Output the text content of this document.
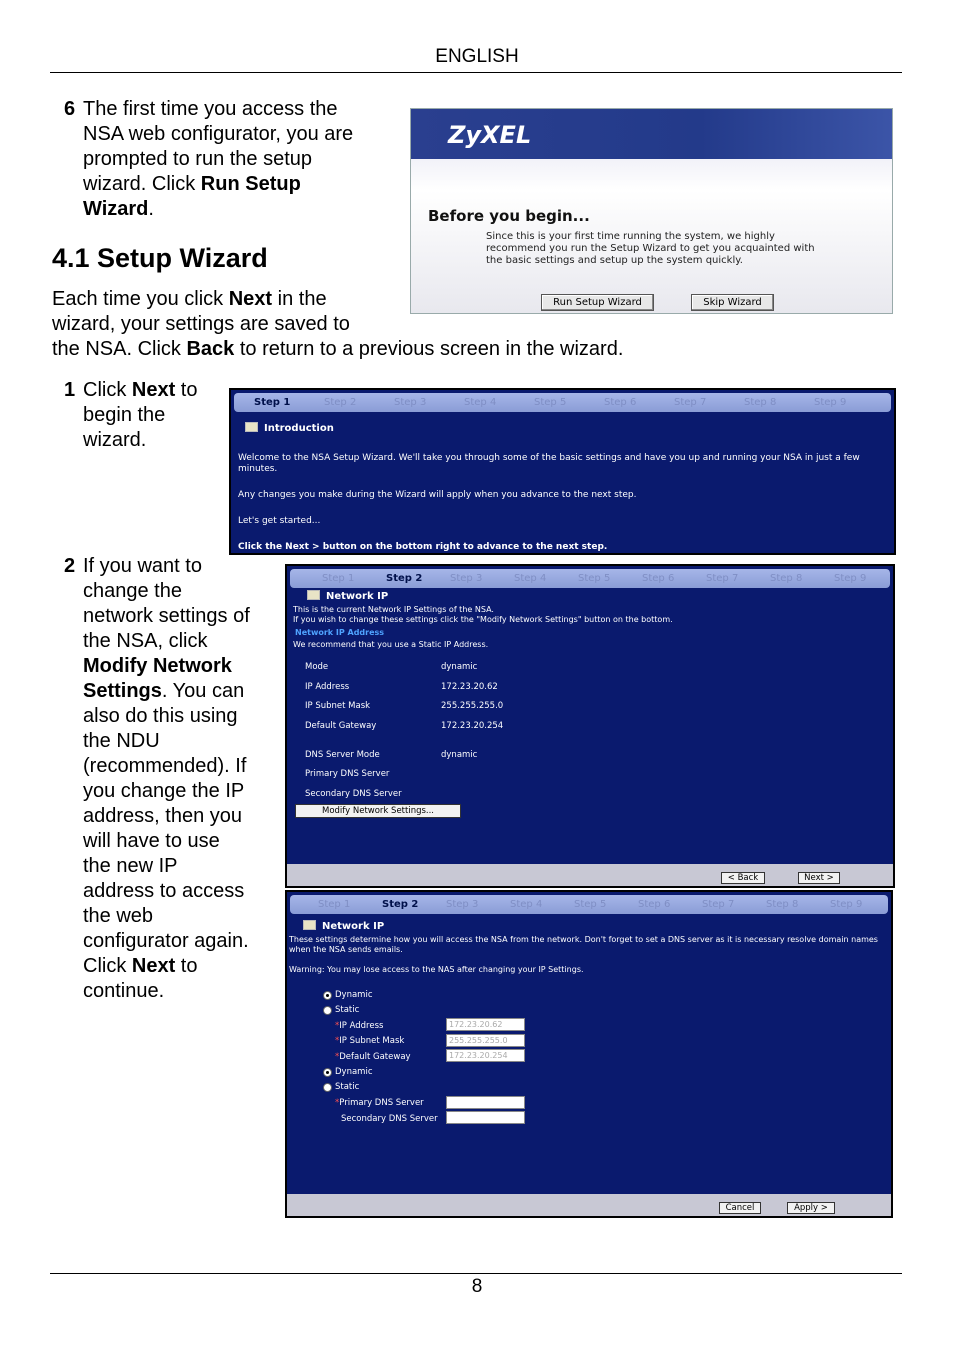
ENGLISH
6 The first time you access the
NSA web configurator, you are
prompted to run the setup
wizard. Click Run Setup
Wizard.
4.1 Setup Wizard
Each time you click Next in the
wizard, your settings are saved to
the NSA. Click Back to return to a previous screen in the wizard.
ZyXEL
Before you begin...
Since this is your first time running the system, we highly recommend you run the Setup Wizard to get you acquainted with the basic settings and setup up the system quickly.
Run Setup Wizard	Skip Wizard
1 Click Next to
begin the
wizard.
Step 1	Step 2	Step 3	Step 4	Step 5	Step 6	Step 7	Step 8	Step 9
Introduction
Welcome to the NSA Setup Wizard. We'll take you through some of the basic settings and have you up and running your NSA in just a few minutes.
Any changes you make during the Wizard will apply when you advance to the next step.
Let's get started...
Click the Next > button on the bottom right to advance to the next step.
2 If you want to
change the
network settings of
the NSA, click
Modify Network
Settings. You can
also do this using
the NDU
(recommended). If
you change the IP
address, then you
will have to use
the new IP
address to access
the web
configurator again.
Click Next to
continue.
Step 1	Step 2	Step 3	Step 4	Step 5	Step 6	Step 7	Step 8	Step 9
Network IP
This is the current Network IP Settings of the NSA.
If you wish to change these settings click the "Modify Network Settings" button on the bottom.
Network IP Address
We recommend that you use a Static IP Address.
Mode	dynamic
IP Address	172.23.20.62
IP Subnet Mask	255.255.255.0
Default Gateway	172.23.20.254
DNS Server Mode	dynamic
Primary DNS Server
Secondary DNS Server
Modify Network Settings...
< Back	Next >
Step 1	Step 2	Step 3	Step 4	Step 5	Step 6	Step 7	Step 8	Step 9
Network IP
These settings determine how you will access the NSA from the network. Don't forget to set a DNS server as it is necessary resolve domain names when the NSA sends emails.
Warning: You may lose access to the NAS after changing your IP Settings.
Dynamic
Static
*IP Address	172.23.20.62
*IP Subnet Mask	255.255.255.0
*Default Gateway	172.23.20.254
Dynamic
Static
*Primary DNS Server
Secondary DNS Server
Cancel	Apply >
8
